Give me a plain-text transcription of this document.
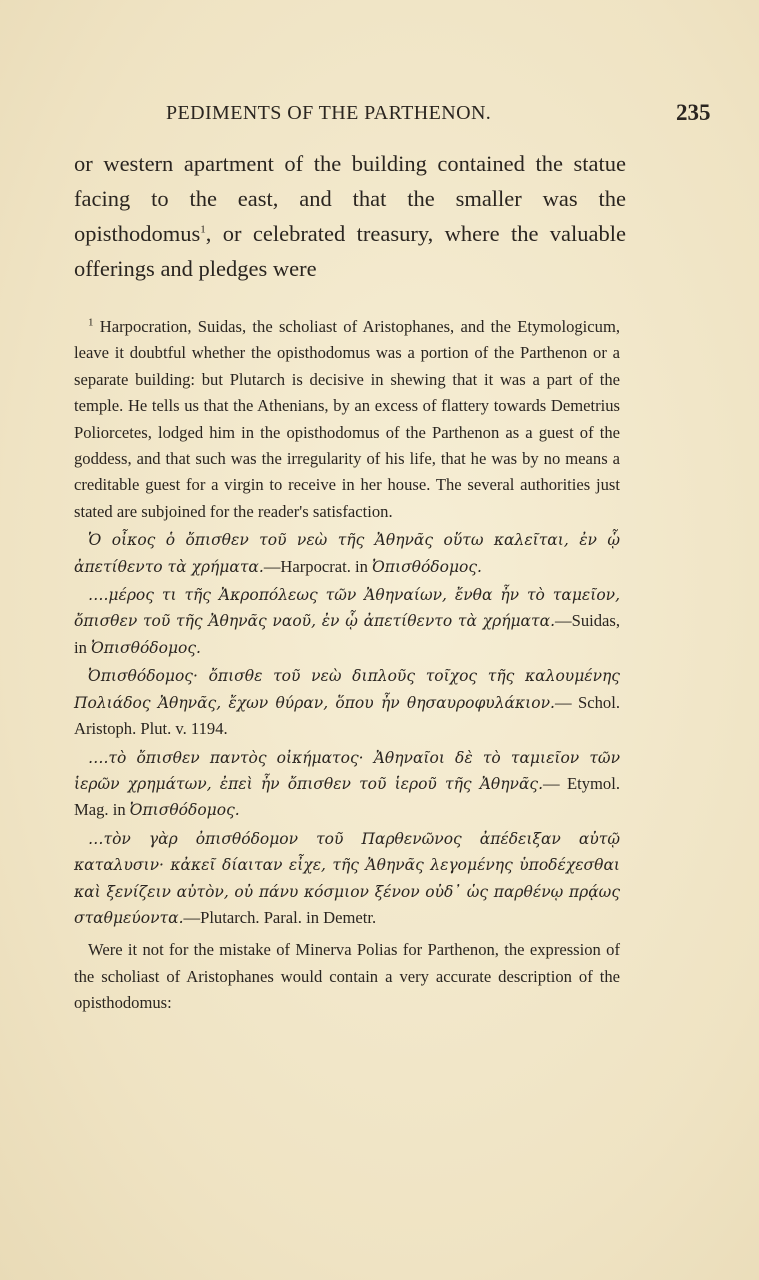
PEDIMENTS OF THE PARTHENON.	235

or western apartment of the building contained the statue facing to the east, and that the smaller was the opisthodomus$^1$, or celebrated treasury, where the valuable offerings and pledges were

$^1$ Harpocration, Suidas, the scholiast of Aristophanes, and the Etymologicum, leave it doubtful whether the opisthodomus was a portion of the Parthenon or a separate building: but Plutarch is decisive in shewing that it was a part of the temple. He tells us that the Athenians, by an excess of flattery towards Demetrius Poliorcetes, lodged him in the opisthodomus of the Parthenon as a guest of the goddess, and that such was the irregularity of his life, that he was by no means a creditable guest for a virgin to receive in her house. The several authorities just stated are subjoined for the reader's satisfaction.

Ὁ οἶκος ὁ ὄπισθεν τοῦ νεὼ τῆς Ἀθηνᾶς οὕτω καλεῖται, ἐν ᾧ ἀπετίθεντο τὰ χρήματα.—Harpocrat. in Ὀπισθόδομος.

….μέρος τι τῆς Ἀκροπόλεως τῶν Ἀθηναίων, ἔνθα ἦν τὸ ταμεῖον, ὄπισθεν τοῦ τῆς Ἀθηνᾶς ναοῦ, ἐν ᾧ ἀπετίθεντο τὰ χρήματα.—Suidas, in Ὀπισθόδομος.

Ὀπισθόδομος· ὄπισθε τοῦ νεὼ διπλοῦς τοῖχος τῆς καλουμένης Πολιάδος Ἀθηνᾶς, ἔχων θύραν, ὅπου ἦν θησαυροφυλάκιον.— Schol. Aristoph. Plut. v. 1194.

….τὸ ὄπισθεν παντὸς οἰκήματος· Ἀθηναῖοι δὲ τὸ ταμιεῖον τῶν ἱερῶν χρημάτων, ἐπεὶ ἦν ὄπισθεν τοῦ ἱεροῦ τῆς Ἀθηνᾶς.— Etymol. Mag. in Ὀπισθόδομος.

…τὸν γὰρ ὀπισθόδομον τοῦ Παρθενῶνος ἀπέδειξαν αὐτῷ καταλυσιν· κἀκεῖ δίαιταν εἶχε, τῆς Ἀθηνᾶς λεγομένης ὑποδέχεσθαι καὶ ξενίζειν αὐτὸν, οὐ πάνυ κόσμιον ξένον οὐδ᾽ ὡς παρθένῳ πρᾴως σταθμεύοντα.—Plutarch. Paral. in Demetr.

Were it not for the mistake of Minerva Polias for Parthenon, the expression of the scholiast of Aristophanes would contain a very accurate description of the opisthodomus:
